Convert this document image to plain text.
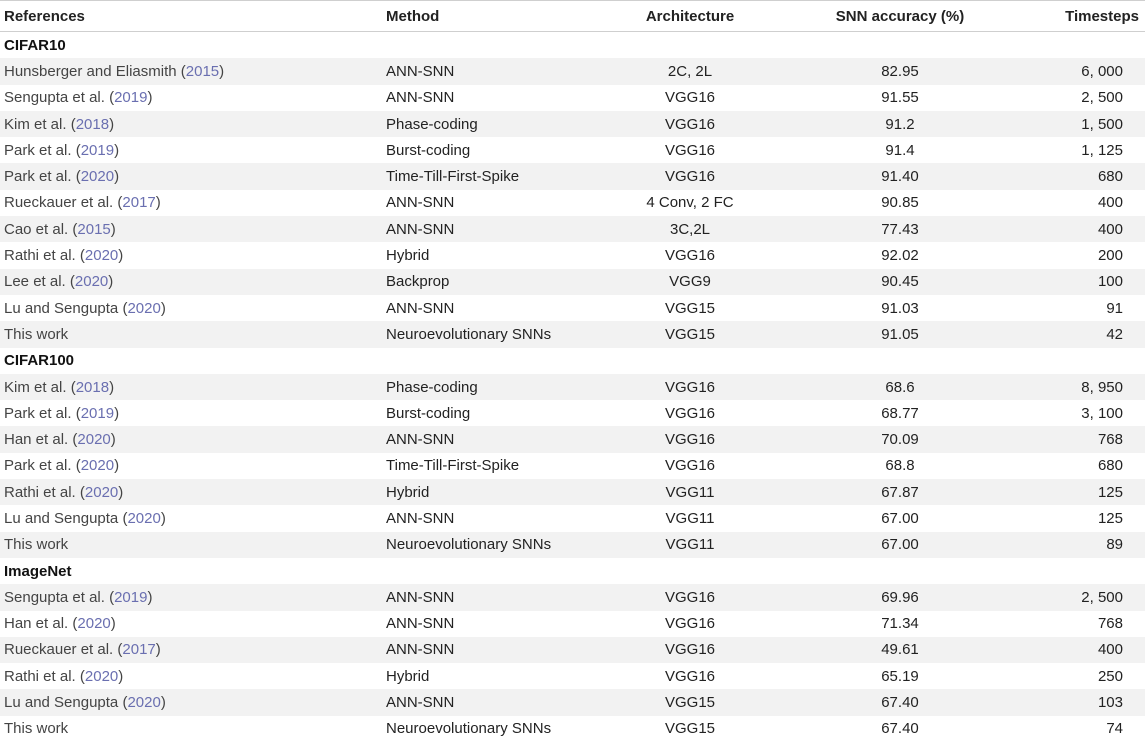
References	Method	Architecture	SNN accuracy (%)	Timesteps
CIFAR10				
Hunsberger and Eliasmith (2015)	ANN-SNN	2C, 2L	82.95	6, 000
Sengupta et al. (2019)	ANN-SNN	VGG16	91.55	2, 500
Kim et al. (2018)	Phase-coding	VGG16	91.2	1, 500
Park et al. (2019)	Burst-coding	VGG16	91.4	1, 125
Park et al. (2020)	Time-Till-First-Spike	VGG16	91.40	680
Rueckauer et al. (2017)	ANN-SNN	4 Conv, 2 FC	90.85	400
Cao et al. (2015)	ANN-SNN	3C,2L	77.43	400
Rathi et al. (2020)	Hybrid	VGG16	92.02	200
Lee et al. (2020)	Backprop	VGG9	90.45	100
Lu and Sengupta (2020)	ANN-SNN	VGG15	91.03	91
This work	Neuroevolutionary SNNs	VGG15	91.05	42
CIFAR100				
Kim et al. (2018)	Phase-coding	VGG16	68.6	8, 950
Park et al. (2019)	Burst-coding	VGG16	68.77	3, 100
Han et al. (2020)	ANN-SNN	VGG16	70.09	768
Park et al. (2020)	Time-Till-First-Spike	VGG16	68.8	680
Rathi et al. (2020)	Hybrid	VGG11	67.87	125
Lu and Sengupta (2020)	ANN-SNN	VGG11	67.00	125
This work	Neuroevolutionary SNNs	VGG11	67.00	89
ImageNet				
Sengupta et al. (2019)	ANN-SNN	VGG16	69.96	2, 500
Han et al. (2020)	ANN-SNN	VGG16	71.34	768
Rueckauer et al. (2017)	ANN-SNN	VGG16	49.61	400
Rathi et al. (2020)	Hybrid	VGG16	65.19	250
Lu and Sengupta (2020)	ANN-SNN	VGG15	67.40	103
This work	Neuroevolutionary SNNs	VGG15	67.40	74
